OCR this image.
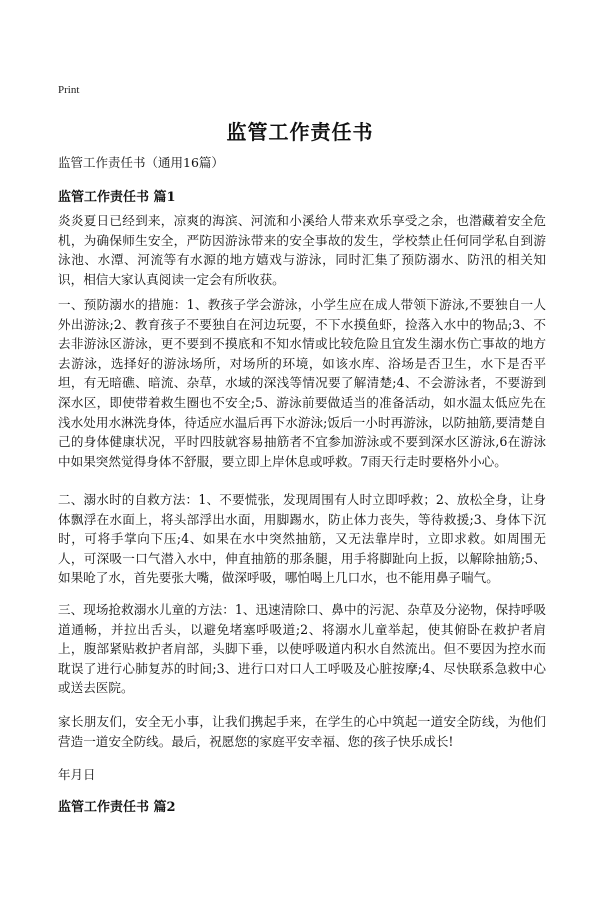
Print
监管工作责任书
监管工作责任书（通用16篇）
监管工作责任书 篇1

炎炎夏日已经到来，凉爽的海滨、河流和小溪给人带来欢乐享受之余，也潜藏着安全危机，为确保师生安全，严防因游泳带来的安全事故的发生，学校禁止任何同学私自到游泳池、水潭、河流等有水源的地方嬉戏与游泳，同时汇集了预防溺水、防汛的相关知识，相信大家认真阅读一定会有所收获。

一、预防溺水的措施：1、教孩子学会游泳，小学生应在成人带领下游泳,不要独自一人外出游泳;2、教育孩子不要独自在河边玩耍，不下水摸鱼虾，捡落入水中的物品;3、不去非游泳区游泳，更不要到不摸底和不知水情或比较危险且宜发生溺水伤亡事故的地方去游泳，选择好的游泳场所，对场所的环境，如该水库、浴场是否卫生，水下是否平坦，有无暗礁、暗流、杂草，水域的深浅等情况要了解清楚;4、不会游泳者，不要游到深水区，即使带着救生圈也不安全;5、游泳前要做适当的准备活动，如水温太低应先在浅水处用水淋洗身体，待适应水温后再下水游泳;饭后一小时再游泳，以防抽筋,要清楚自己的身体健康状况，平时四肢就容易抽筋者不宜参加游泳或不要到深水区游泳,6在游泳中如果突然觉得身体不舒服，要立即上岸休息或呼救。7雨天行走时要格外小心。

二、溺水时的自救方法：1、不要慌张，发现周围有人时立即呼救；2、放松全身，让身体飘浮在水面上，将头部浮出水面，用脚踢水，防止体力丧失，等待救援;3、身体下沉时，可将手掌向下压;4、如果在水中突然抽筋，又无法靠岸时，立即求救。如周围无人，可深吸一口气潜入水中，伸直抽筋的那条腿，用手将脚趾向上扳，以解除抽筋;5、如果呛了水，首先要张大嘴，做深呼吸，哪怕喝上几口水，也不能用鼻子喘气。

三、现场抢救溺水儿童的方法：1、迅速清除口、鼻中的污泥、杂草及分泌物，保持呼吸道通畅，并拉出舌头，以避免堵塞呼吸道;2、将溺水儿童举起，使其俯卧在救护者肩上，腹部紧贴救护者肩部，头脚下垂，以使呼吸道内积水自然流出。但不要因为控水而耽误了进行心肺复苏的时间;3、进行口对口人工呼吸及心脏按摩;4、尽快联系急救中心或送去医院。

家长朋友们，安全无小事，让我们携起手来，在学生的心中筑起一道安全防线，为他们营造一道安全防线。最后，祝愿您的家庭平安幸福、您的孩子快乐成长!

年月日
监管工作责任书 篇2
